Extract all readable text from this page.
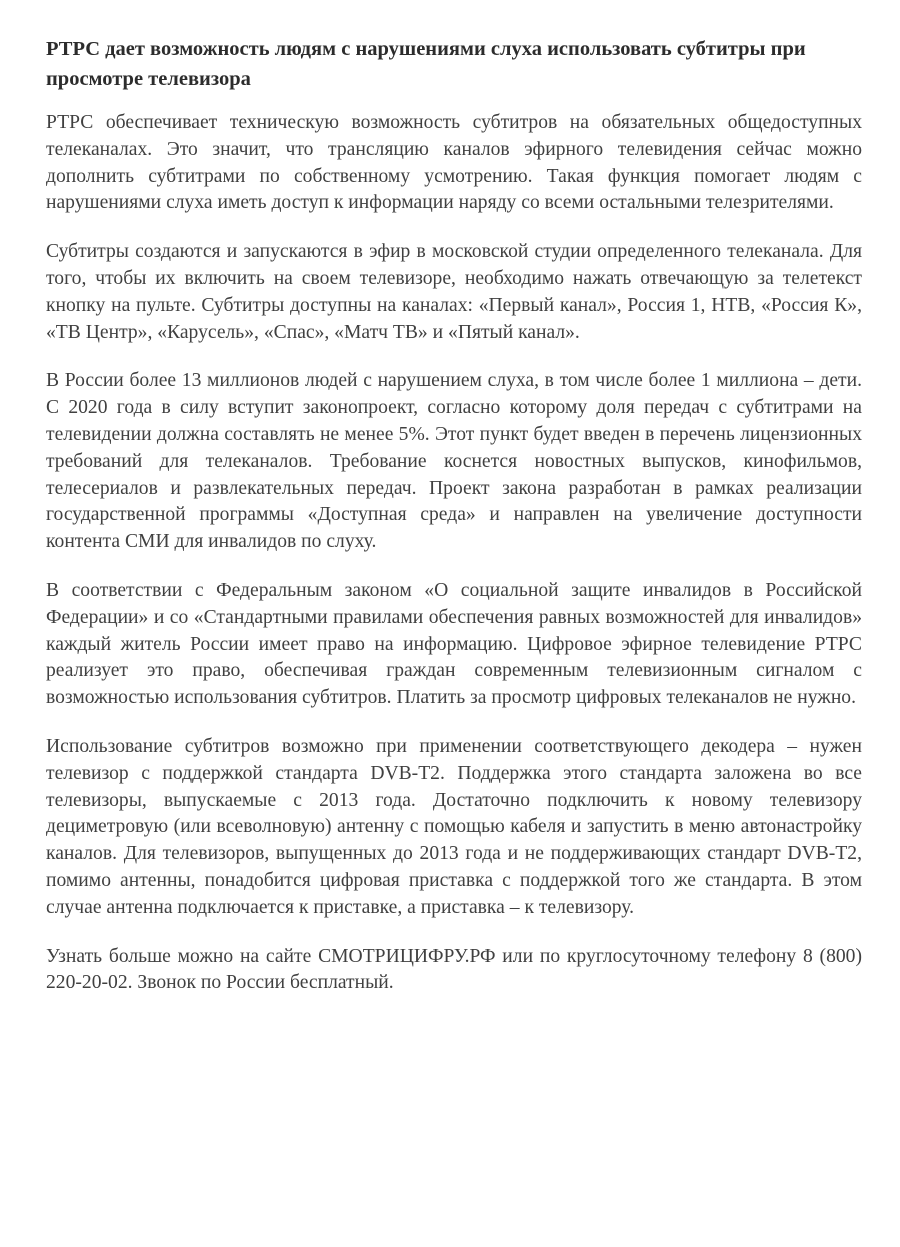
РТРС дает возможность людям с нарушениями слуха использовать субтитры при просмотре телевизора

РТРС обеспечивает техническую возможность субтитров на обязательных общедоступных телеканалах. Это значит, что трансляцию каналов эфирного телевидения сейчас можно дополнить субтитрами по собственному усмотрению. Такая функция помогает людям с нарушениями слуха иметь доступ к информации наряду со всеми остальными телезрителями.

Субтитры создаются и запускаются в эфир в московской студии определенного телеканала. Для того, чтобы их включить на своем телевизоре, необходимо нажать отвечающую за телетекст кнопку на пульте. Субтитры доступны на каналах: «Первый канал», Россия 1, НТВ, «Россия К», «ТВ Центр», «Карусель», «Спас», «Матч ТВ» и «Пятый канал».

В России более 13 миллионов людей с нарушением слуха, в том числе более 1 миллиона – дети. С 2020 года в силу вступит законопроект, согласно которому доля передач с субтитрами на телевидении должна составлять не менее 5%. Этот пункт будет введен в перечень лицензионных требований для телеканалов. Требование коснется новостных выпусков, кинофильмов, телесериалов и развлекательных передач. Проект закона разработан в рамках реализации государственной программы «Доступная среда» и направлен на увеличение доступности контента СМИ для инвалидов по слуху.

В соответствии с Федеральным законом «О социальной защите инвалидов в Российской Федерации» и со «Стандартными правилами обеспечения равных возможностей для инвалидов» каждый житель России имеет право на информацию. Цифровое эфирное телевидение РТРС реализует это право, обеспечивая граждан современным телевизионным сигналом с возможностью использования субтитров. Платить за просмотр цифровых телеканалов не нужно.

Использование субтитров возможно при применении соответствующего декодера – нужен телевизор с поддержкой стандарта DVB-T2. Поддержка этого стандарта заложена во все телевизоры, выпускаемые с 2013 года. Достаточно подключить к новому телевизору дециметровую (или всеволновую) антенну с помощью кабеля и запустить в меню автонастройку каналов. Для телевизоров, выпущенных до 2013 года и не поддерживающих стандарт DVB-T2, помимо антенны, понадобится цифровая приставка с поддержкой того же стандарта. В этом случае антенна подключается к приставке, а приставка – к телевизору.

Узнать больше можно на сайте СМОТРИЦИФРУ.РФ или по круглосуточному телефону 8 (800) 220-20-02. Звонок по России бесплатный.
